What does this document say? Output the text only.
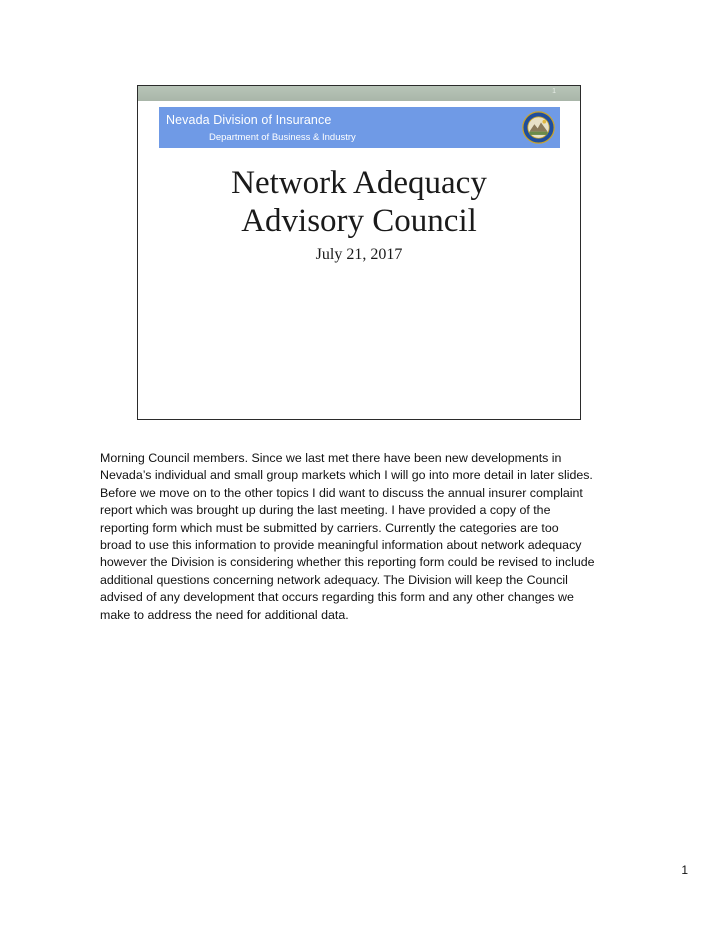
1
Nevada Division of Insurance
Department of Business & Industry
Network Adequacy
Advisory Council
July 21, 2017
Morning Council members. Since we last met there have been new developments in
Nevada’s individual and small group markets which I will go into more detail in later slides.
Before we move on to the other topics I did want to discuss the annual insurer complaint
report which was brought up during the last meeting. I have provided a copy of the
reporting form which must be submitted by carriers. Currently the categories are too
broad to use this information to provide meaningful information about network adequacy
however the Division is considering whether this reporting form could be revised to include
additional questions concerning network adequacy. The Division will keep the Council
advised of any development that occurs regarding this form and any other changes we
make to address the need for additional data.
1
